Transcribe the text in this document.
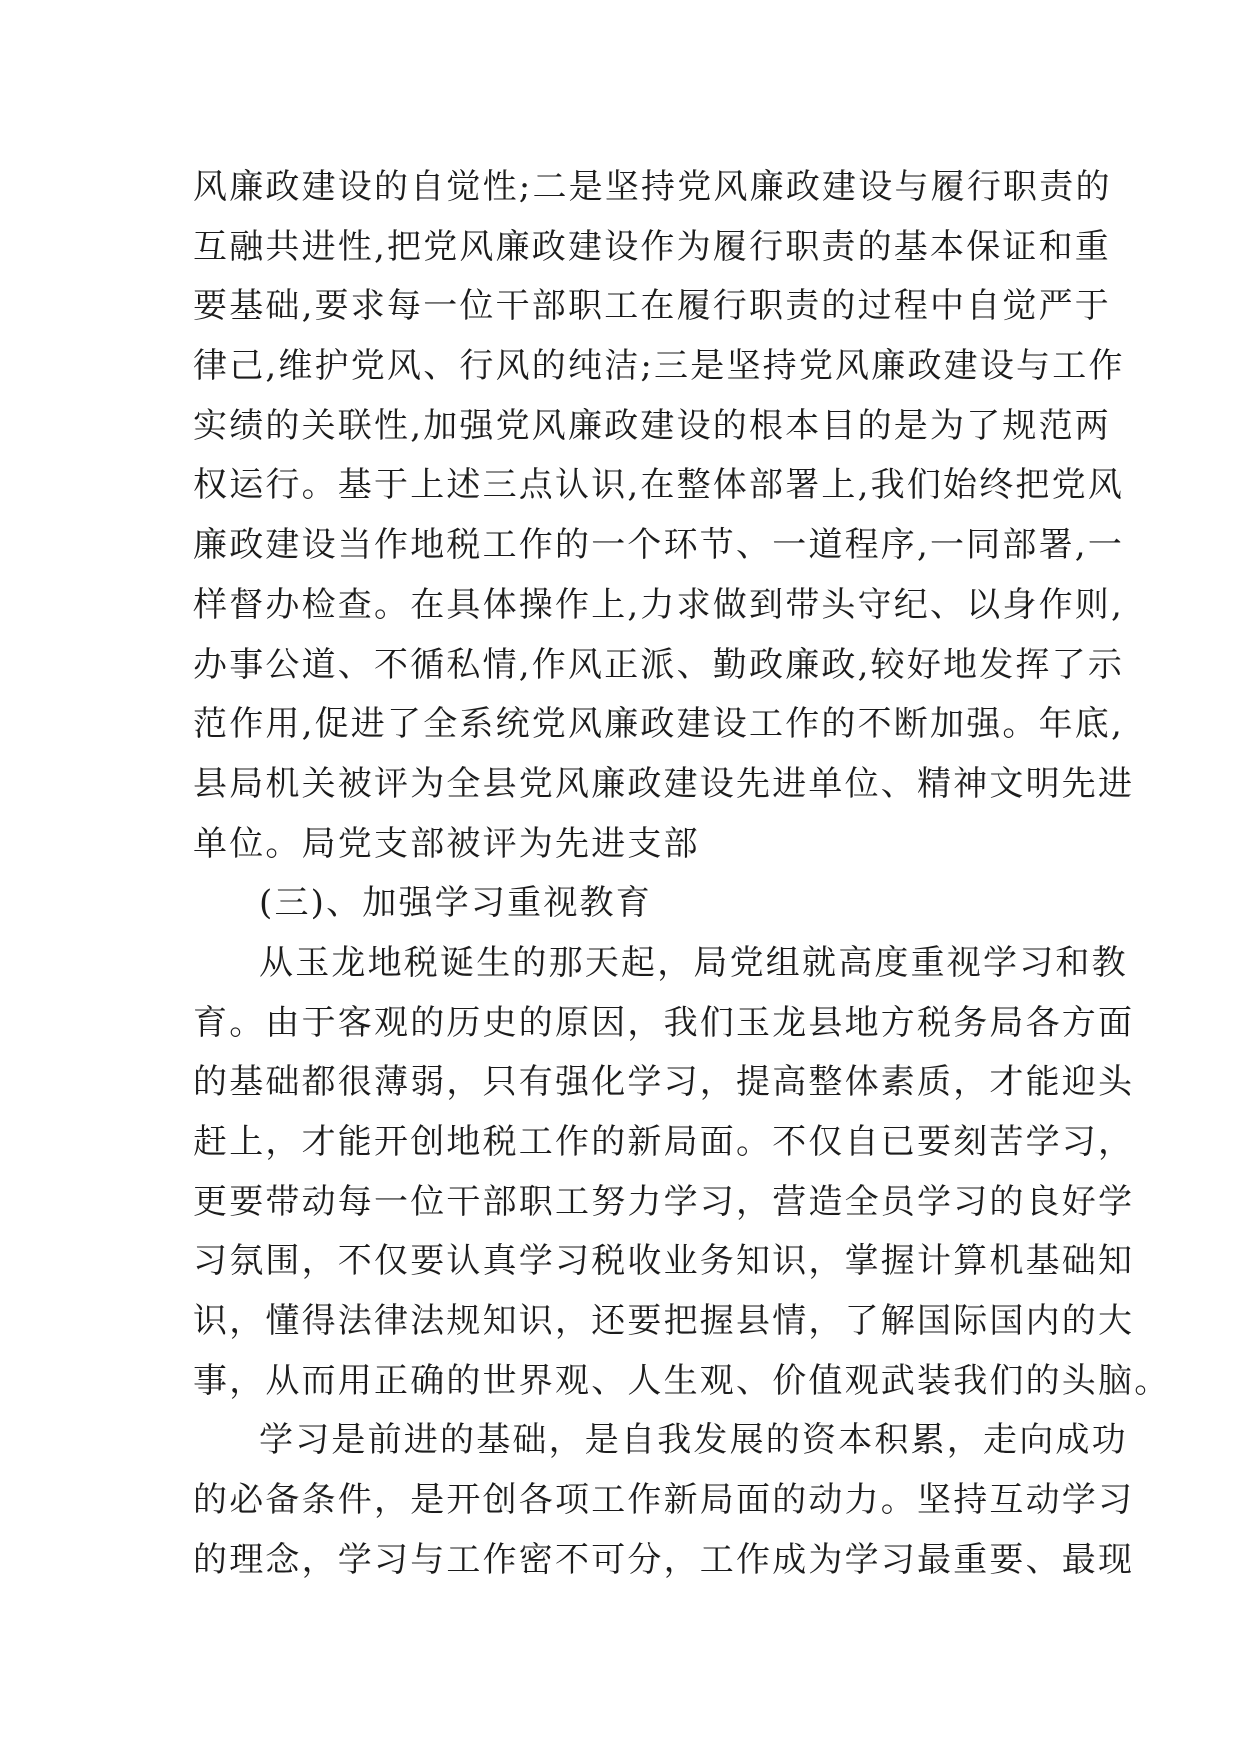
风廉政建设的自觉性;二是坚持党风廉政建设与履行职责的
互融共进性,把党风廉政建设作为履行职责的基本保证和重
要基础,要求每一位干部职工在履行职责的过程中自觉严于
律己,维护党风、行风的纯洁;三是坚持党风廉政建设与工作
实绩的关联性,加强党风廉政建设的根本目的是为了规范两
权运行。基于上述三点认识,在整体部署上,我们始终把党风
廉政建设当作地税工作的一个环节、一道程序,一同部署,一
样督办检查。在具体操作上,力求做到带头守纪、以身作则,
办事公道、不循私情,作风正派、勤政廉政,较好地发挥了示
范作用,促进了全系统党风廉政建设工作的不断加强。年底,
县局机关被评为全县党风廉政建设先进单位、精神文明先进
单位。局党支部被评为先进支部
(三)、加强学习重视教育
从玉龙地税诞生的那天起，局党组就高度重视学习和教
育。由于客观的历史的原因，我们玉龙县地方税务局各方面
的基础都很薄弱，只有强化学习，提高整体素质，才能迎头
赶上，才能开创地税工作的新局面。不仅自已要刻苦学习，
更要带动每一位干部职工努力学习，营造全员学习的良好学
习氛围，不仅要认真学习税收业务知识，掌握计算机基础知
识，懂得法律法规知识，还要把握县情，了解国际国内的大
事，从而用正确的世界观、人生观、价值观武装我们的头脑。
学习是前进的基础，是自我发展的资本积累，走向成功
的必备条件，是开创各项工作新局面的动力。坚持互动学习
的理念，学习与工作密不可分，工作成为学习最重要、最现
